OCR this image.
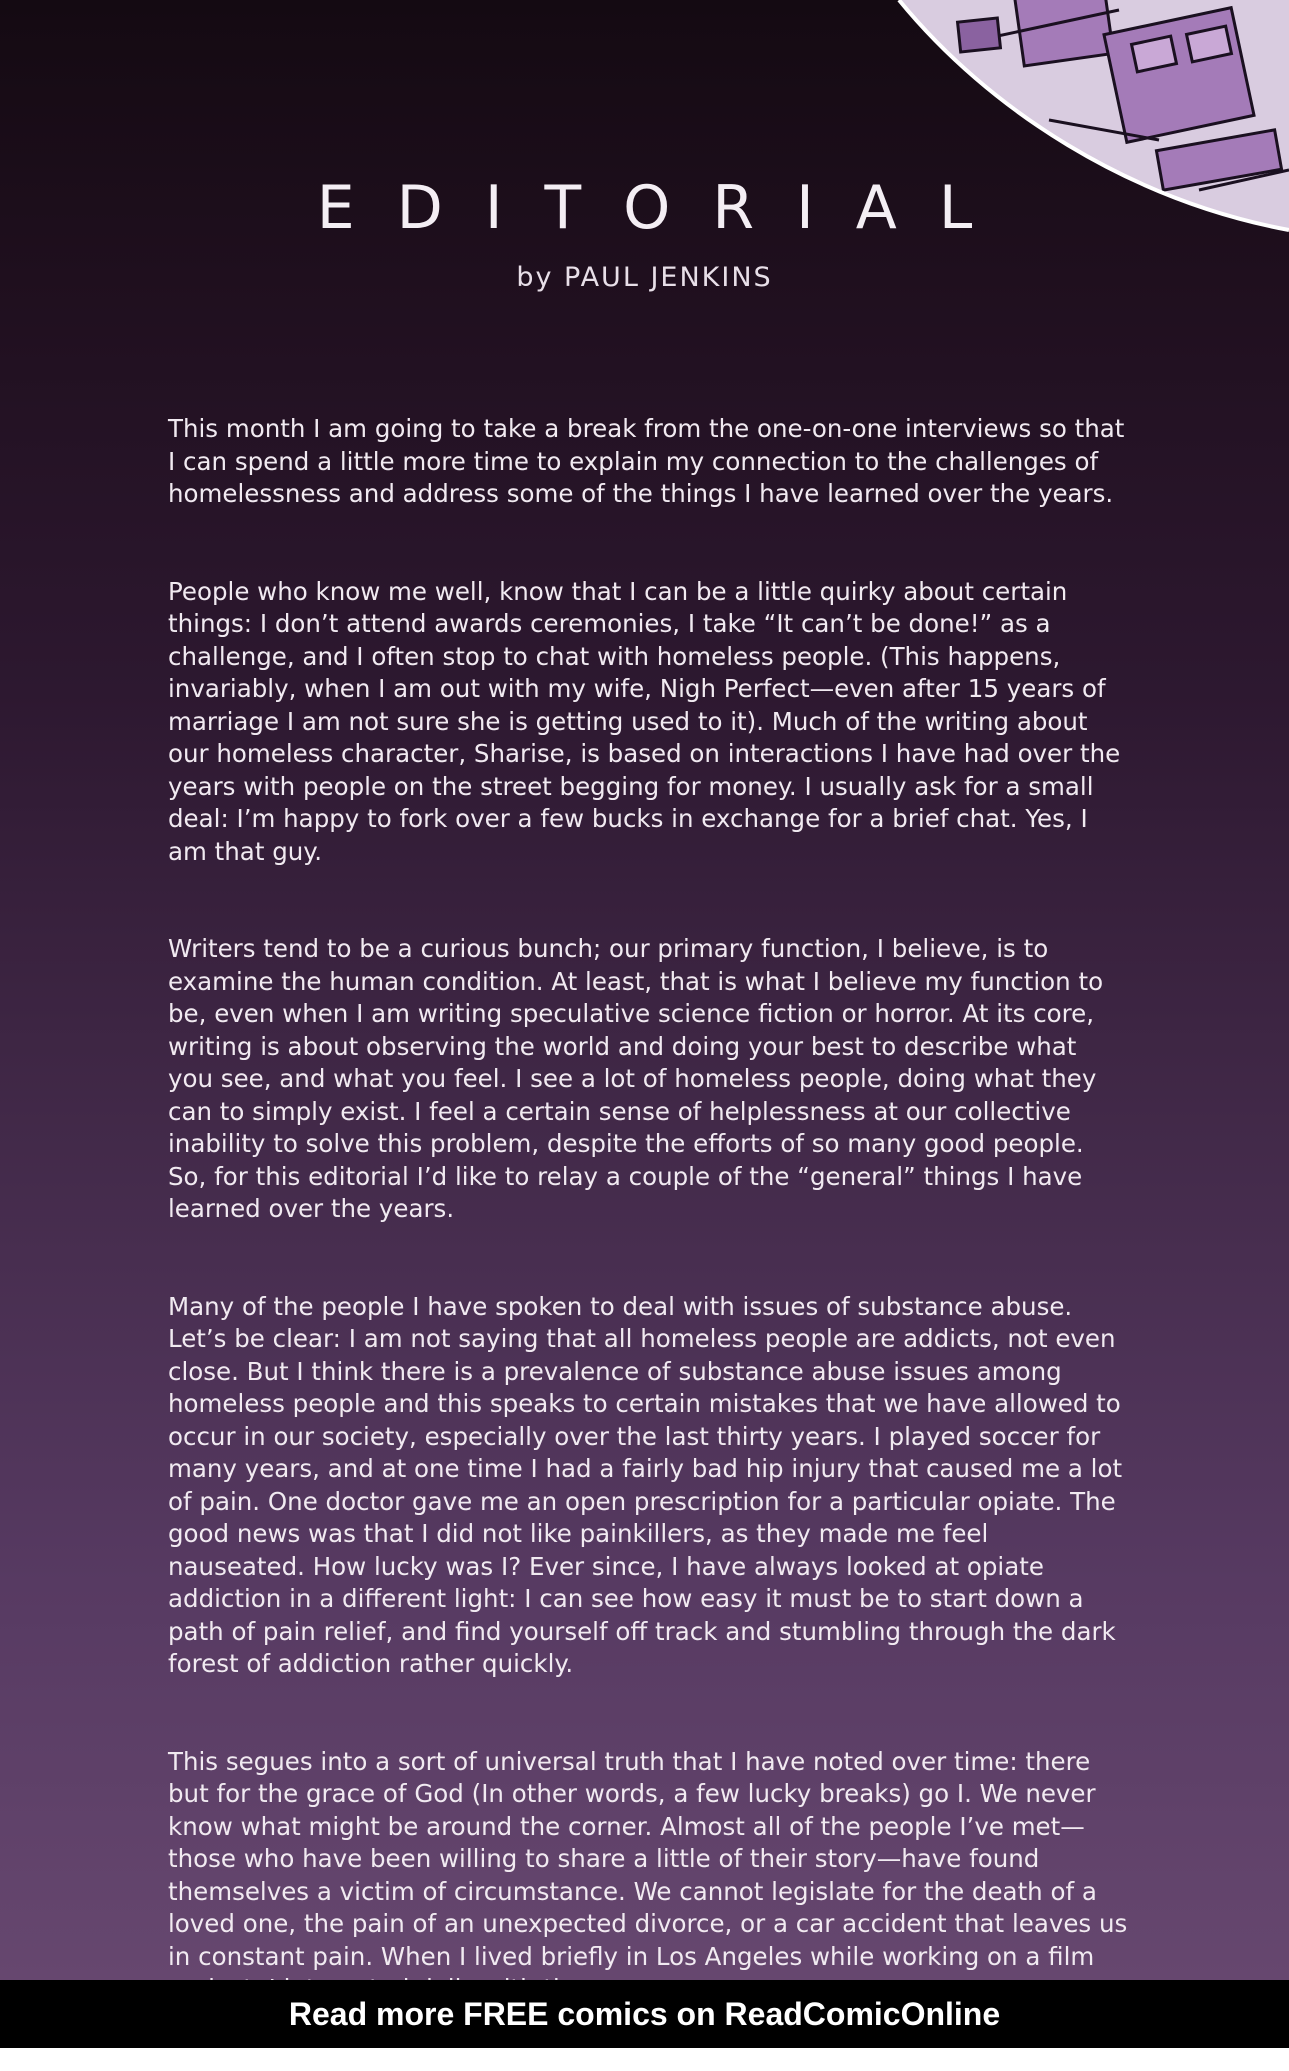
EDITORIAL
by PAUL JENKINS

This month I am going to take a break from the one-on-one interviews so that I can spend a little more time to explain my connection to the challenges of homelessness and address some of the things I have learned over the years.

People who know me well, know that I can be a little quirky about certain things: I don’t attend awards ceremonies, I take “It can’t be done!” as a challenge, and I often stop to chat with homeless people. (This happens, invariably, when I am out with my wife, Nigh Perfect—even after 15 years of marriage I am not sure she is getting used to it). Much of the writing about our homeless character, Sharise, is based on interactions I have had over the years with people on the street begging for money. I usually ask for a small deal: I’m happy to fork over a few bucks in exchange for a brief chat. Yes, I am that guy.

Writers tend to be a curious bunch; our primary function, I believe, is to examine the human condition. At least, that is what I believe my function to be, even when I am writing speculative science fiction or horror. At its core, writing is about observing the world and doing your best to describe what you see, and what you feel. I see a lot of homeless people, doing what they can to simply exist. I feel a certain sense of helplessness at our collective inability to solve this problem, despite the efforts of so many good people. So, for this editorial I’d like to relay a couple of the “general” things I have learned over the years.

Many of the people I have spoken to deal with issues of substance abuse. Let’s be clear: I am not saying that all homeless people are addicts, not even close. But I think there is a prevalence of substance abuse issues among homeless people and this speaks to certain mistakes that we have allowed to occur in our society, especially over the last thirty years. I played soccer for many years, and at one time I had a fairly bad hip injury that caused me a lot of pain. One doctor gave me an open prescription for a particular opiate. The good news was that I did not like painkillers, as they made me feel nauseated. How lucky was I? Ever since, I have always looked at opiate addiction in a different light: I can see how easy it must be to start down a path of pain relief, and find yourself off track and stumbling through the dark forest of addiction rather quickly.

This segues into a sort of universal truth that I have noted over time: there but for the grace of God (In other words, a few lucky breaks) go I. We never know what might be around the corner. Almost all of the people I’ve met—those who have been willing to share a little of their story—have found themselves a victim of circumstance. We cannot legislate for the death of a loved one, the pain of an unexpected divorce, or a car accident that leaves us in constant pain. When I lived briefly in Los Angeles while working on a film

Read more FREE comics on ReadComicOnline
